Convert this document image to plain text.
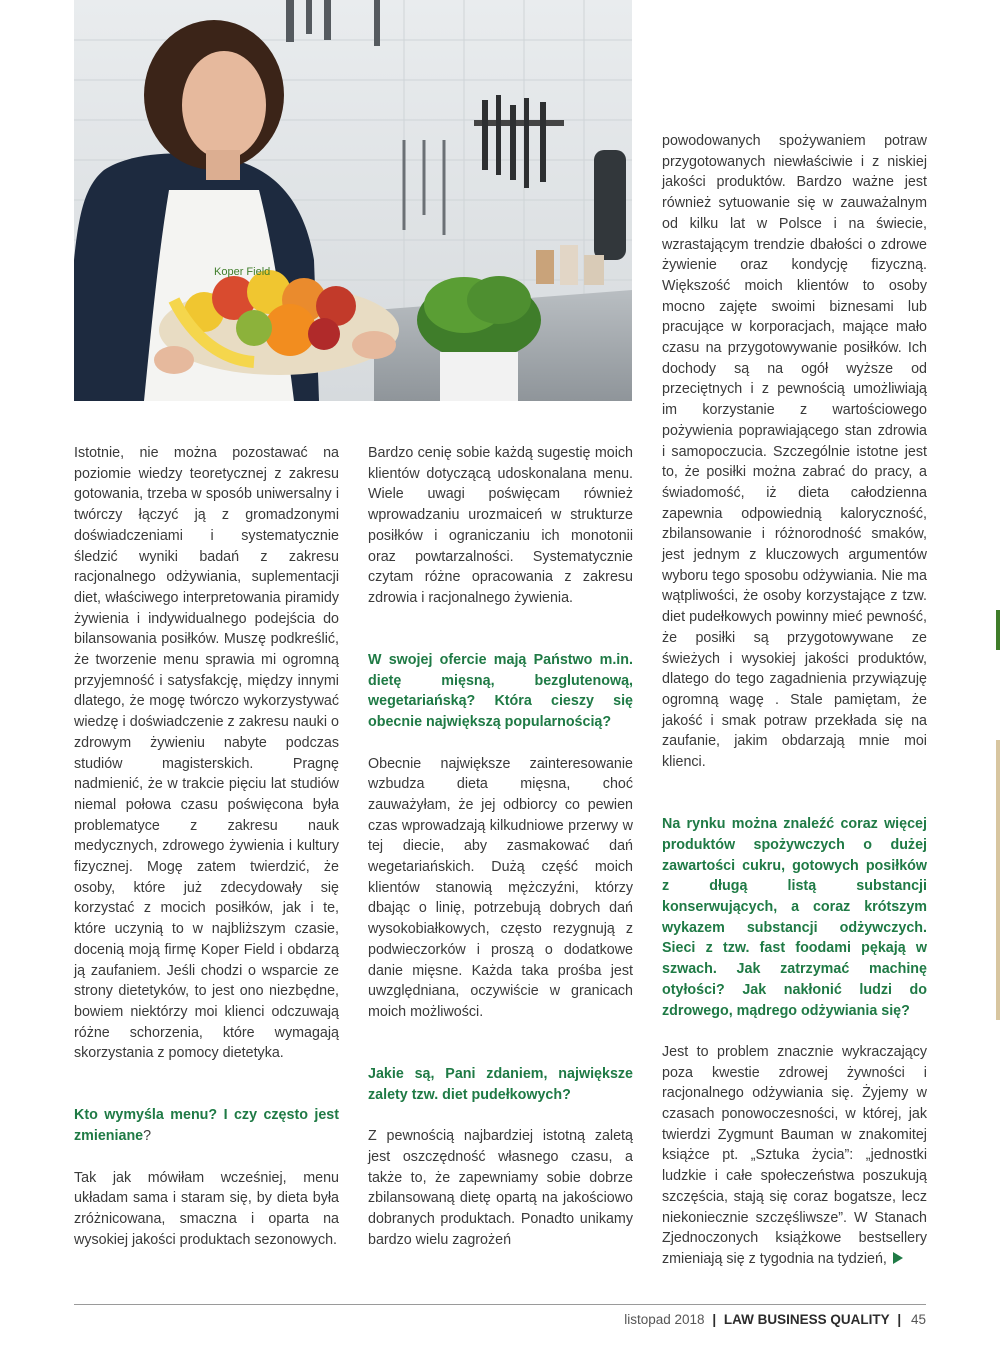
Koper Field

Istotnie, nie można pozostawać na poziomie wiedzy teoretycznej z zakresu gotowania, trzeba w sposób uniwersalny i twórczy łączyć ją z gromadzonymi doświadczeniami i systematycznie śledzić wyniki badań z zakresu racjonalnego odżywiania, suplementacji diet, właściwego interpretowania piramidy żywienia i indywidualnego podejścia do bilansowania posiłków. Muszę podkreślić, że tworzenie menu sprawia mi ogromną przyjemność i satysfakcję, między innymi dlatego, że mogę twórczo wykorzystywać wiedzę i doświadczenie z zakresu nauki o zdrowym żywieniu nabyte podczas studiów magisterskich. Pragnę nadmienić, że w trakcie pięciu lat studiów niemal połowa czasu poświęcona była problematyce z zakresu nauk medycznych, zdrowego żywienia i kultury fizycznej. Mogę zatem twierdzić, że osoby, które już zdecydowały się korzystać z mocich posiłków, jak i te, które uczynią to w najbliższym czasie, docenią moją firmę Koper Field i obdarzą ją zaufaniem. Jeśli chodzi o wsparcie ze strony dietetyków, to jest ono niezbędne, bowiem niektórzy moi klienci odczuwają różne schorzenia, które wymagają skorzystania z pomocy dietetyka.

Kto wymyśla menu? I czy często jest zmieniane?

Tak jak mówiłam wcześniej, menu układam sama i staram się, by dieta była zróżnicowana, smaczna i oparta na wysokiej jakości produktach sezonowych.

Bardzo cenię sobie każdą sugestię moich klientów dotyczącą udoskonalana menu. Wiele uwagi poświęcam również wprowadzaniu urozmaiceń w strukturze posiłków i ograniczaniu ich monotonii oraz powtarzalności. Systematycznie czytam różne opracowania z zakresu zdrowia i racjonalnego żywienia.

W swojej ofercie mają Państwo m.in. dietę mięsną, bezglutenową, wegetariańską? Która cieszy się obecnie największą popularnością?

Obecnie największe zainteresowanie wzbudza dieta mięsna, choć zauważyłam, że jej odbiorcy co pewien czas wprowadzają kilkudniowe przerwy w tej diecie, aby zasmakować dań wegetariańskich. Dużą część moich klientów stanowią mężczyźni, którzy dbając o linię, potrzebują dobrych dań wysokobiałkowych, często rezygnują z podwieczorków i proszą o dodatkowe danie mięsne. Każda taka prośba jest uwzględniana, oczywiście w granicach moich możliwości.

Jakie są, Pani zdaniem, największe zalety tzw. diet pudełkowych?

Z pewnością najbardziej istotną zaletą jest oszczędność własnego czasu, a także to, że zapewniamy sobie dobrze zbilansowaną dietę opartą na jakościowo dobranych produktach. Ponadto unikamy bardzo wielu zagrożeń

powodowanych spożywaniem potraw przygotowanych niewłaściwie i z niskiej jakości produktów. Bardzo ważne jest również sytuowanie się w zauważalnym od kilku lat w Polsce i na świecie, wzrastającym trendzie dbałości o zdrowe żywienie oraz kondycję fizyczną. Większość moich klientów to osoby mocno zajęte swoimi biznesami lub pracujące w korporacjach, mające mało czasu na przygotowywanie posiłków. Ich dochody są na ogół wyższe od przeciętnych i z pewnością umożliwiają im korzystanie z wartościowego pożywienia poprawiającego stan zdrowia i samopoczucia. Szczególnie istotne jest to, że posiłki można zabrać do pracy, a świadomość, iż dieta całodzienna zapewnia odpowiednią kaloryczność, zbilansowanie i różnorodność smaków, jest jednym z kluczowych argumentów wyboru tego sposobu odżywiania. Nie ma wątpliwości, że osoby korzystające z tzw. diet pudełkowych powinny mieć pewność, że posiłki są przygotowywane ze świeżych i wysokiej jakości produktów, dlatego do tego zagadnienia przywiązuję ogromną wagę . Stale pamiętam, że jakość i smak potraw przekłada się na zaufanie, jakim obdarzają mnie moi klienci.

Na rynku można znaleźć coraz więcej produktów spożywczych o dużej zawartości cukru, gotowych posiłków z długą listą substancji konserwujących, a coraz krótszym wykazem substancji odżywczych. Sieci z tzw. fast foodami pękają w szwach. Jak zatrzymać machinę otyłości? Jak nakłonić ludzi do zdrowego, mądrego odżywiania się?

Jest to problem znacznie wykraczający poza kwestie zdrowej żywności i racjonalnego odżywiania się. Żyjemy w czasach ponowoczesności, w której, jak twierdzi Zygmunt Bauman w znakomitej książce pt. „Sztuka życia”: „jednostki ludzkie i całe społeczeństwa poszukują szczęścia, stają się coraz bogatsze, lecz niekoniecznie szczęśliwsze”. W Stanach Zjednoczonych książkowe bestsellery zmieniają się z tygodnia na tydzień,

listopad 2018 | LAW BUSINESS QUALITY | 45
